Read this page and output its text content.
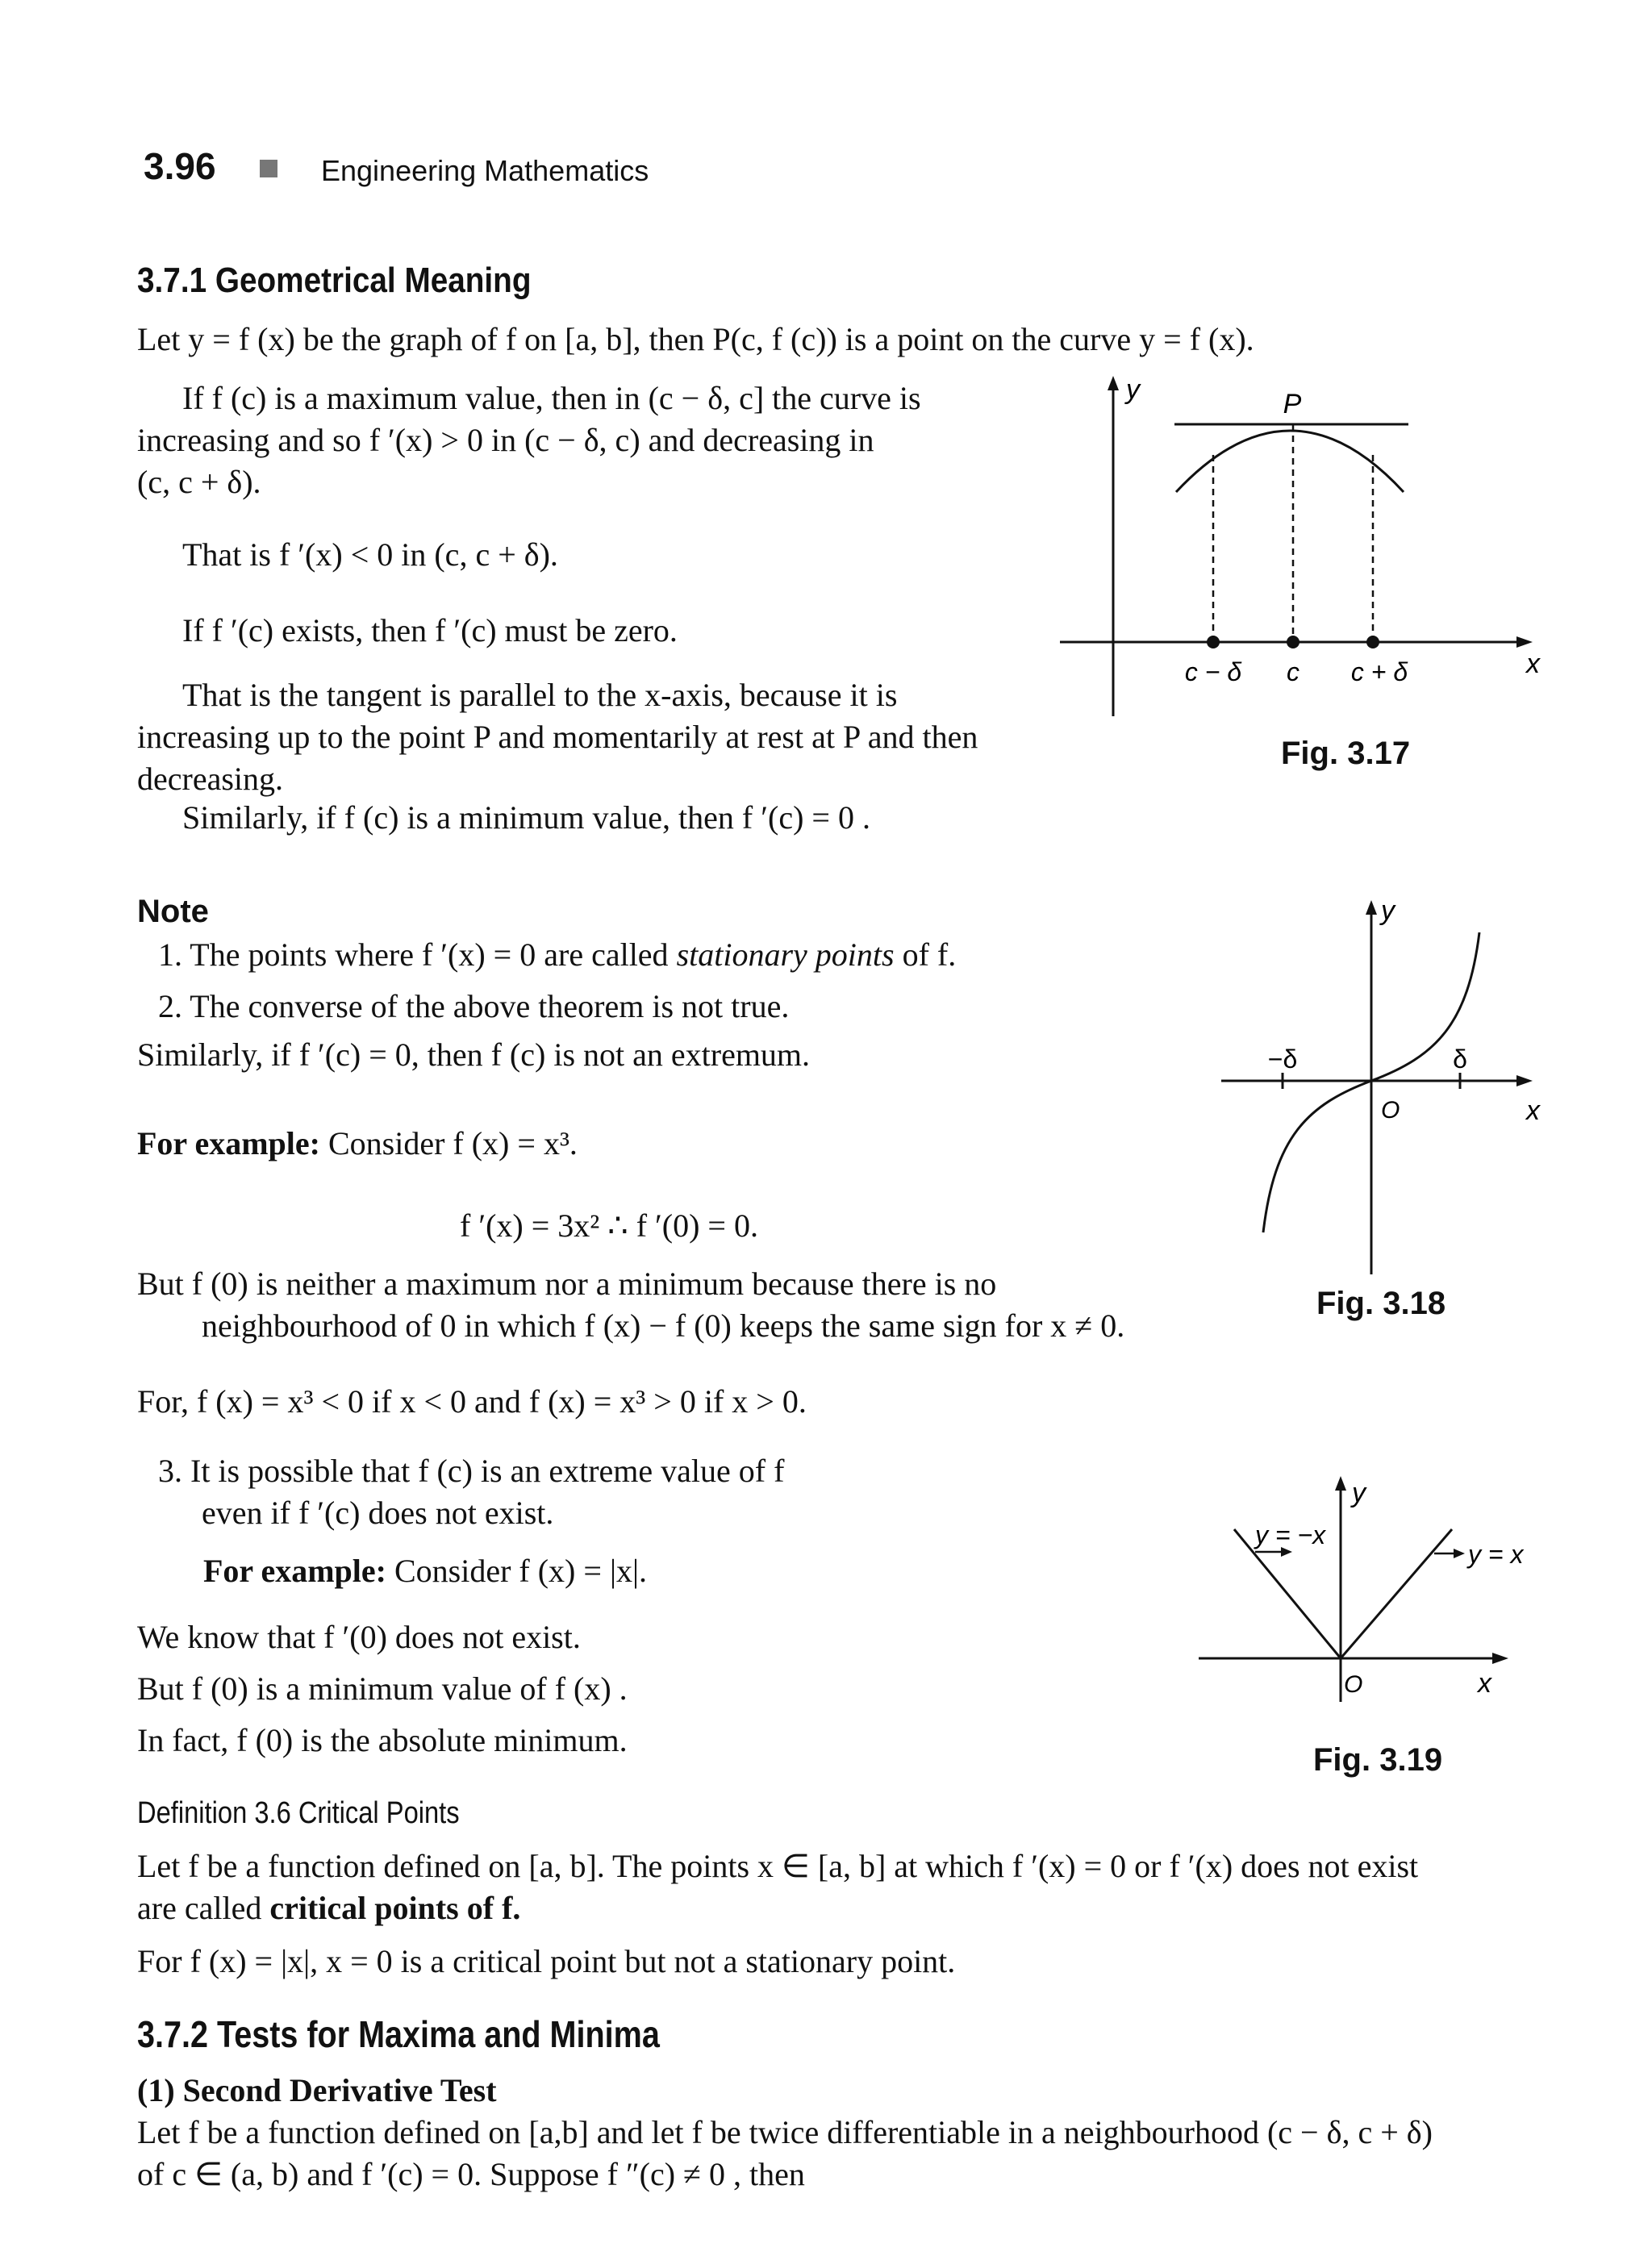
3.96	Engineering Mathematics
3.7.1 Geometrical Meaning
Let y = f (x) be the graph of f on [a, b], then P(c, f (c)) is a point on the curve y = f (x).
If f (c) is a maximum value, then in (c − δ, c] the curve is
increasing and so f ′(x) > 0 in (c − δ, c) and decreasing in
(c, c + δ).
That is f ′(x) < 0 in (c, c + δ).
If f ′(c) exists, then f ′(c) must be zero.
That is the tangent is parallel to the x-axis, because it is
increasing up to the point P and momentarily at rest at P and then
decreasing.
Similarly, if f (c) is a minimum value, then f ′(c) = 0 .
y	P
x
c − δ c c + δ
Fig. 3.17
Note
1. The points where f ′(x) = 0 are called stationary points of f.
2. The converse of the above theorem is not true.
Similarly, if f ′(c) = 0, then f (c) is not an extremum.
For example: Consider f (x) = x³.
f ′(x) = 3x² ∴ f ′(0) = 0.
But f (0) is neither a maximum nor a minimum because there is no
neighbourhood of 0 in which f (x) − f (0) keeps the same sign for x ≠ 0.
For, f (x) = x³ < 0 if x < 0 and f (x) = x³ > 0 if x > 0.
3. It is possible that f (c) is an extreme value of f
even if f ′(c) does not exist.
For example: Consider f (x) = |x|.
We know that f ′(0) does not exist.
But f (0) is a minimum value of f (x) .
In fact, f (0) is the absolute minimum.
y
x
O
−δ	δ
Fig. 3.18
y
x
O
y = −x
y = x
Fig. 3.19
Definition 3.6 Critical Points
Let f be a function defined on [a, b]. The points x ∈ [a, b] at which f ′(x) = 0 or f ′(x) does not exist
are called critical points of f.
For f (x) = |x|, x = 0 is a critical point but not a stationary point.
3.7.2 Tests for Maxima and Minima
(1) Second Derivative Test
Let f be a function defined on [a,b] and let f be twice differentiable in a neighbourhood (c − δ, c + δ)
of c ∈ (a, b) and f ′(c) = 0. Suppose f ″(c) ≠ 0 , then
